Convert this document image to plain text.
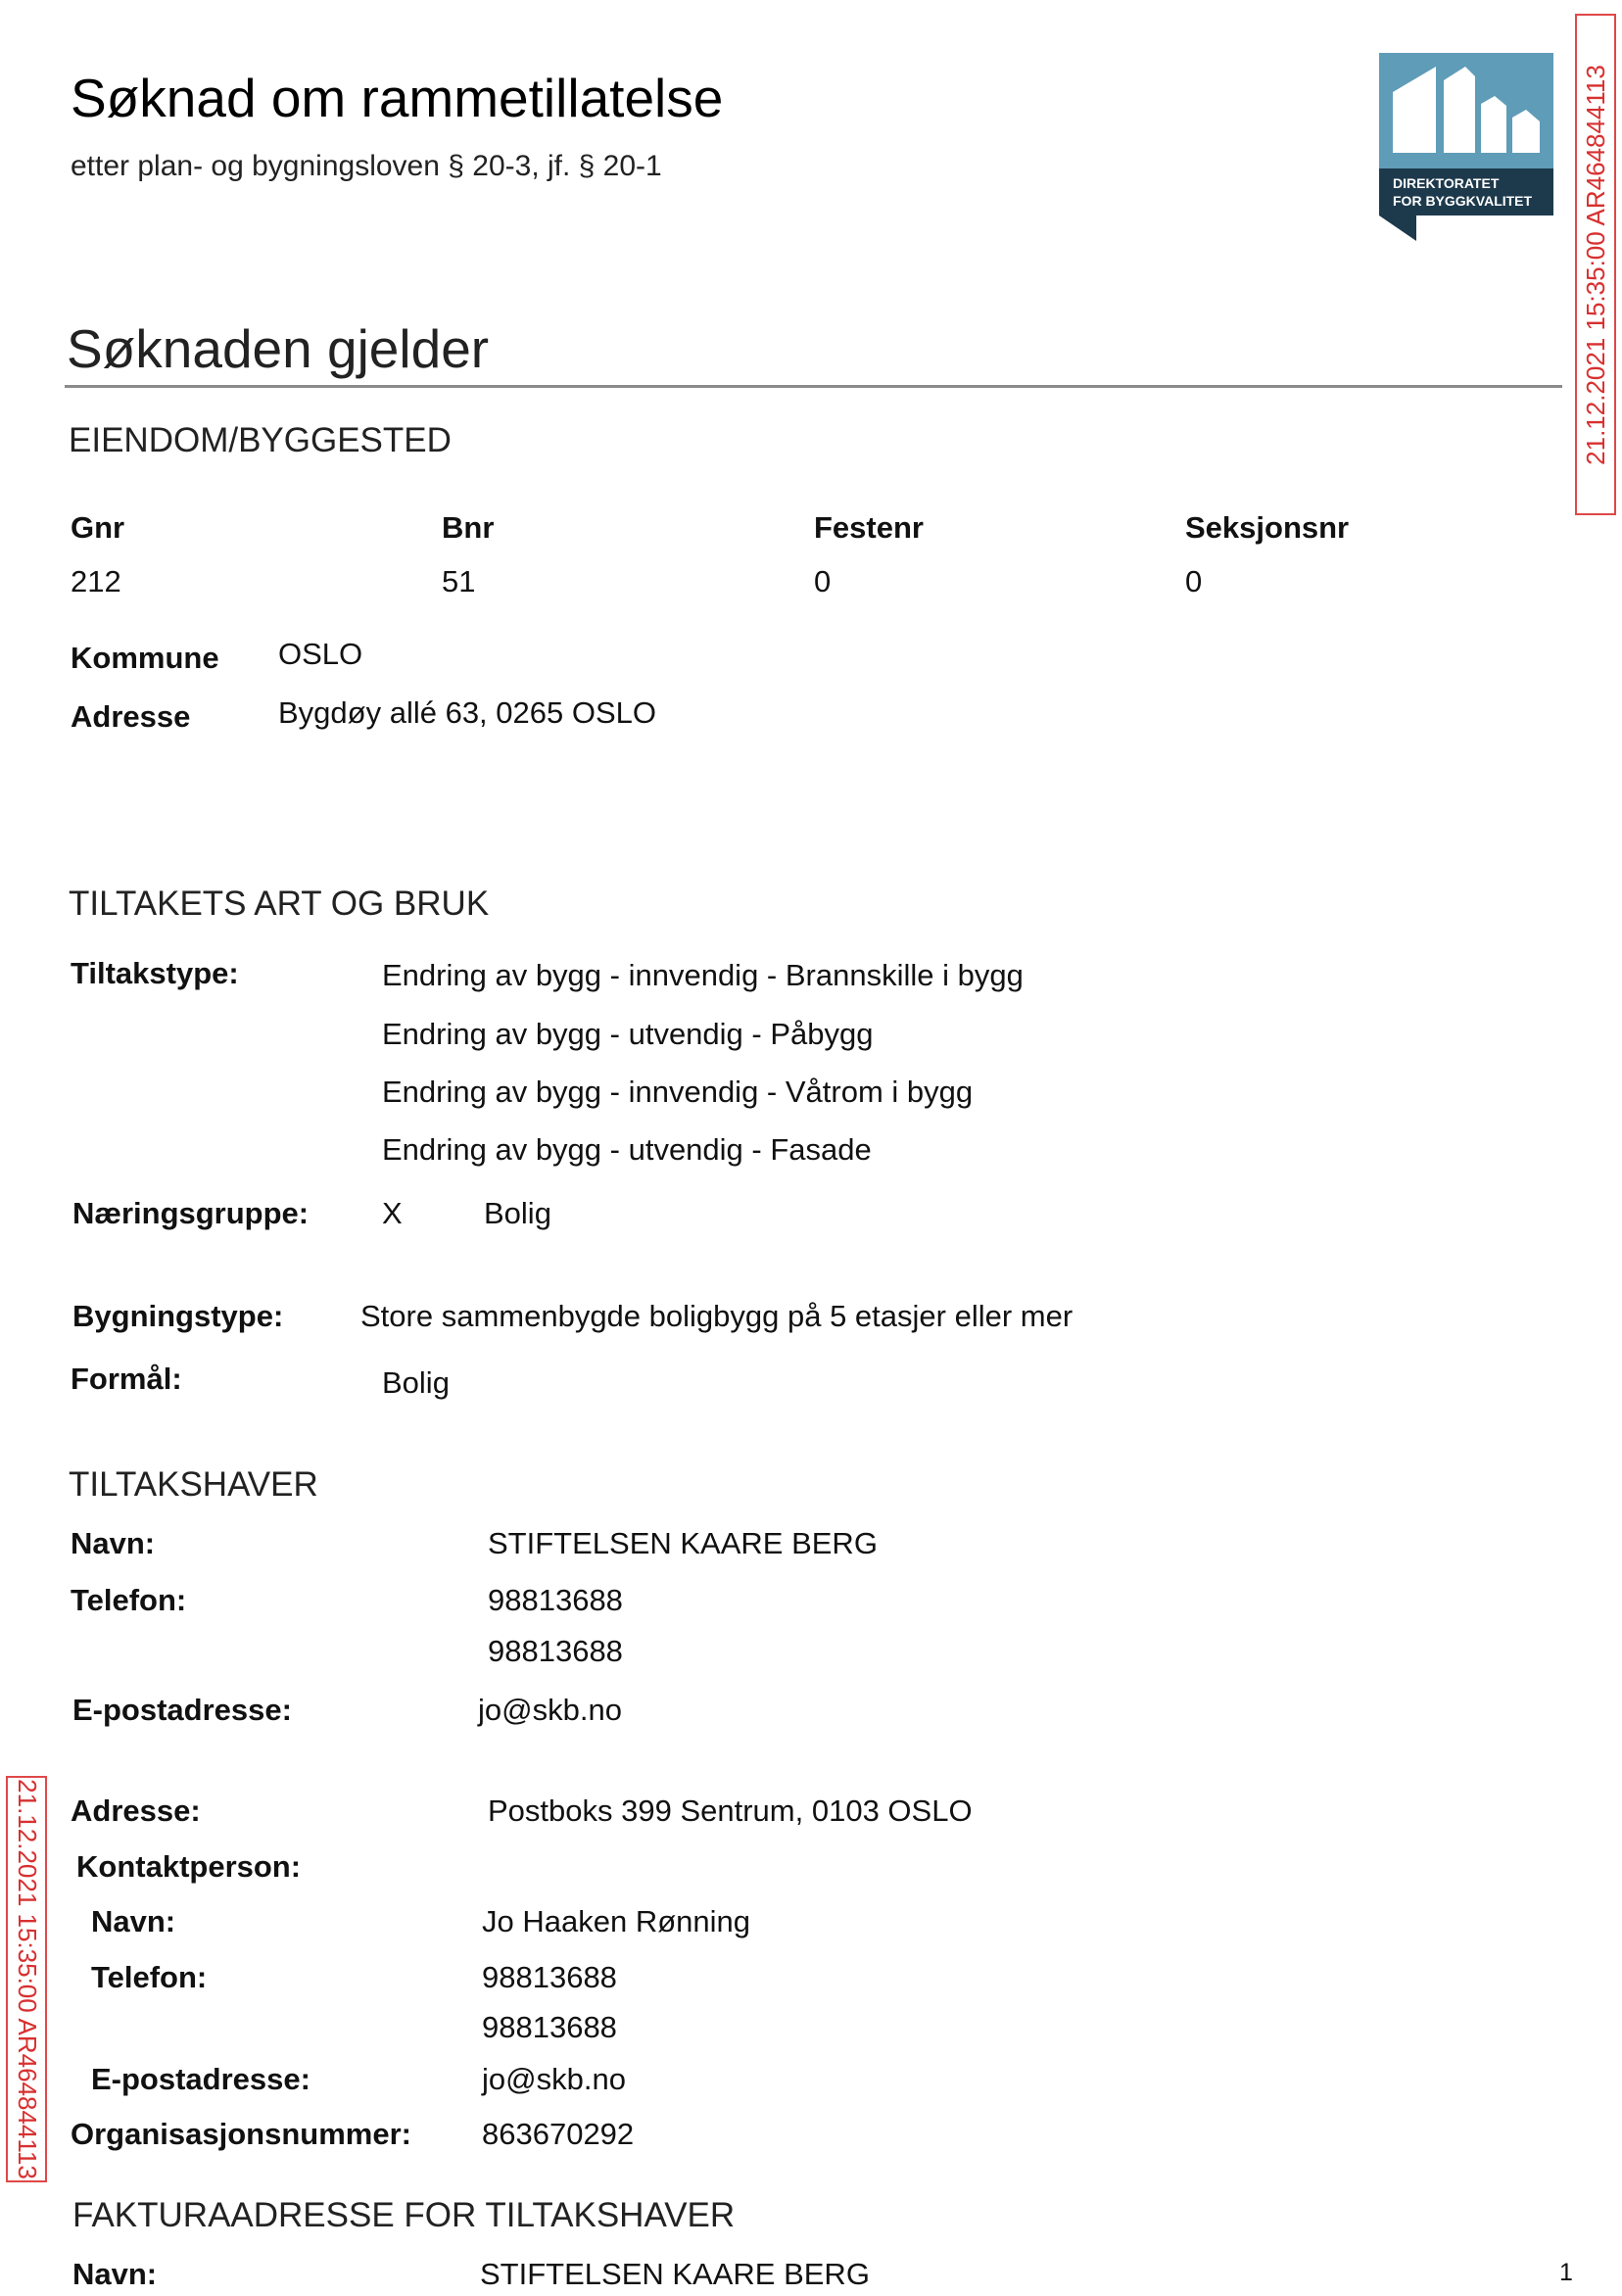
Søknad om rammetillatelse
etter plan- og bygningsloven § 20-3, jf. § 20-1
DIREKTORATET
FOR BYGGKVALITET 21.12.2021 15:35:00 AR464844113
21.12.2021 15:35:00 AR464844113
Søknaden gjelder
EIENDOM/BYGGESTED
Gnr	Bnr	Festenr	Seksjonsnr
212	51	0	0
Kommune OSLO
Adresse	Bygdøy allé 63, 0265 OSLO
TILTAKETS ART OG BRUK
Tiltakstype:	Endring av bygg - innvendig - Brannskille i bygg
Endring av bygg - utvendig - Påbygg
Endring av bygg - innvendig - Våtrom i bygg
Endring av bygg - utvendig - Fasade
Næringsgruppe: X	Bolig
Bygningstype:	Store sammenbygde boligbygg på 5 etasjer eller mer
Formål:	Bolig
TILTAKSHAVER
Navn:	STIFTELSEN KAARE BERG
Telefon:	98813688
98813688
E-postadresse:	jo@skb.no
Adresse:	Postboks 399 Sentrum, 0103 OSLO
Kontaktperson:
Navn:	Jo Haaken Rønning
Telefon:	98813688
98813688
E-postadresse:	jo@skb.no
Organisasjonsnummer: 863670292
FAKTURAADRESSE FOR TILTAKSHAVER
Navn:	STIFTELSEN KAARE BERG	1
